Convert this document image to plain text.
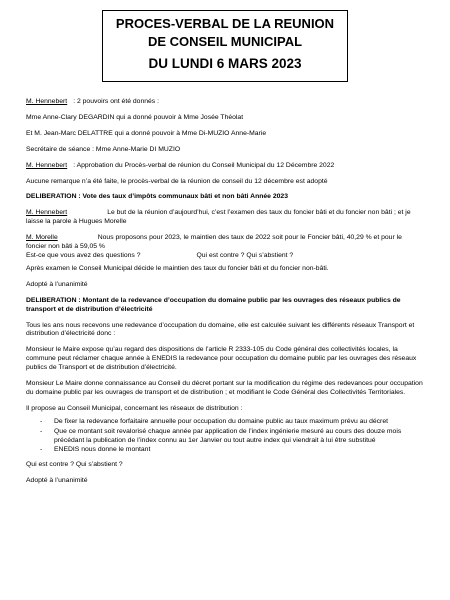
PROCES-VERBAL DE LA REUNION
DE CONSEIL MUNICIPAL
DU LUNDI 6 MARS 2023

M. Hennebert : 2 pouvoirs ont été donnés :

Mme Anne-Clary DEGARDIN qui a donné pouvoir à Mme Josée Théolat

Et M. Jean-Marc DELATTRE qui a donné pouvoir à Mme Di-MUZIO Anne-Marie

Secrétaire de séance : Mme Anne-Marie DI MUZIO

M. Hennebert : Approbation du Procès-verbal de réunion du Conseil Municipal du 12 Décembre 2022

Aucune remarque n’a été faite, le procès-verbal de la réunion de conseil du 12 décembre est adopté

DELIBERATION : Vote des taux d’impôts communaux bâti et non bâti Année 2023

M. Hennebert	Le but de la réunion d’aujourd’hui, c’est l’examen des taux du foncier bâti et du foncier non bâti ; et je laisse la parole à Hugues Morelle

M. Morelle	Nous proposons pour 2023, le maintien des taux de 2022 soit pour le Foncier bâti, 40,29 % et pour le foncier non bâti à 59,05 %
Est-ce que vous avez des questions ?	Qui est contre ? Qui s’abstient ?

Après examen le Conseil Municipal décide le maintien des taux du foncier bâti et du foncier non-bâti.

Adopté à l’unanimité

DELIBERATION : Montant de la redevance d’occupation du domaine public par les ouvrages des réseaux publics de transport et de distribution d’électricité

Tous les ans nous recevons une redevance d’occupation du domaine, elle est calculée suivant les différents réseaux Transport et distribution d’électricité donc :

Monsieur le Maire expose qu’au regard des dispositions de l’article R 2333-105 du Code général des collectivités locales, la commune peut réclamer chaque année à ENEDIS la redevance pour occupation du domaine public par les ouvrages des réseaux publics de Transport et de distribution d’électricité.

Monsieur Le Maire donne connaissance au Conseil du décret portant sur la modification du régime des redevances pour occupation du domaine public par les ouvrages de transport et de distribution ; et modifiant le Code Général des Collectivités Territoriales.

Il propose au Conseil Municipal, concernant les réseaux de distribution :

- De fixer la redevance forfaitaire annuelle pour occupation du domaine public au taux maximum prévu au décret
- Que ce montant soit revalorisé chaque année par application de l’index ingénierie mesuré au cours des douze mois précédant la publication de l’index connu au 1er Janvier ou tout autre index qui viendrait à lui être substitué
- ENEDIS nous donne le montant

Qui est contre ? Qui s’abstient ?

Adopté à l’unanimité
